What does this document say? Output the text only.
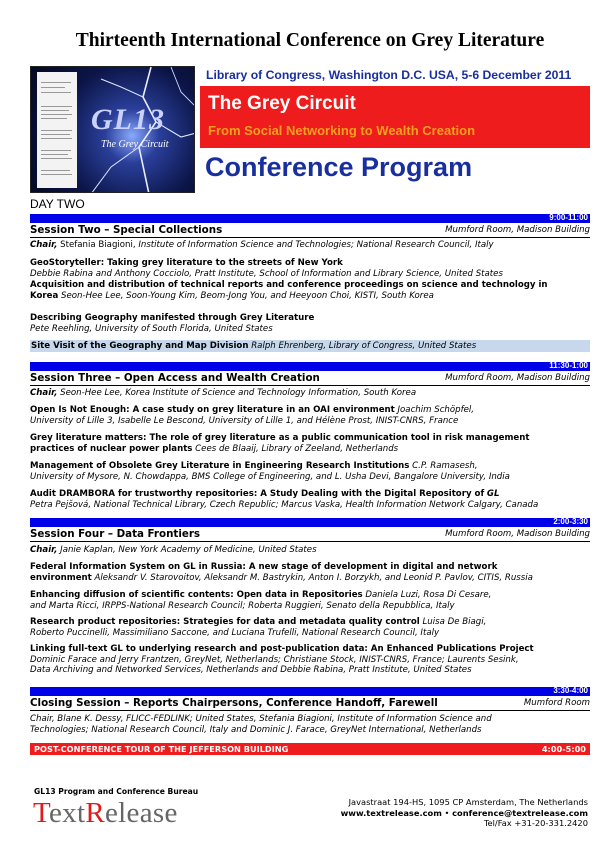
Thirteenth International Conference on Grey Literature
GL13
The Grey Circuit
Library of Congress, Washington D.C. USA, 5-6 December 2011
The Grey Circuit
From Social Networking to Wealth Creation
Conference Program
DAY TWO
9:00-11:00
Session Two – Special Collections	Mumford Room, Madison Building
Chair, Stefania Biagioni, Institute of Information Science and Technologies; National Research Council, Italy
GeoStoryteller: Taking grey literature to the streets of New York
Debbie Rabina and Anthony Cocciolo, Pratt Institute, School of Information and Library Science, United States
Acquisition and distribution of technical reports and conference proceedings on science and technology in
Korea Seon-Hee Lee, Soon-Young Kim, Beom-Jong You, and Heeyoon Choi, KISTI, South Korea
Describing Geography manifested through Grey Literature
Pete Reehling, University of South Florida, United States
Site Visit of the Geography and Map Division Ralph Ehrenberg, Library of Congress, United States
11:30-1:00
Session Three – Open Access and Wealth Creation	Mumford Room, Madison Building
Chair, Seon-Hee Lee, Korea Institute of Science and Technology Information, South Korea
Open Is Not Enough: A case study on grey literature in an OAI environment Joachim Schöpfel,
University of Lille 3, Isabelle Le Bescond, University of Lille 1, and Hélène Prost, INIST-CNRS, France
Grey literature matters: The role of grey literature as a public communication tool in risk management
practices of nuclear power plants Cees de Blaaij, Library of Zeeland, Netherlands
Management of Obsolete Grey Literature in Engineering Research Institutions C.P. Ramasesh,
University of Mysore, N. Chowdappa, BMS College of Engineering, and L. Usha Devi, Bangalore University, India
Audit DRAMBORA for trustworthy repositories: A Study Dealing with the Digital Repository of GL
Petra Pejšová, National Technical Library, Czech Republic; Marcus Vaska, Health Information Network Calgary, Canada
2:00-3:30
Session Four – Data Frontiers	Mumford Room, Madison Building
Chair, Janie Kaplan, New York Academy of Medicine, United States
Federal Information System on GL in Russia: A new stage of development in digital and network
environment Aleksandr V. Starovoitov, Aleksandr M. Bastrykin, Anton I. Borzykh, and Leonid P. Pavlov, CITIS, Russia
Enhancing diffusion of scientific contents: Open data in Repositories Daniela Luzi, Rosa Di Cesare,
and Marta Ricci, IRPPS-National Research Council; Roberta Ruggieri, Senato della Repubblica, Italy
Research product repositories: Strategies for data and metadata quality control Luisa De Biagi,
Roberto Puccinelli, Massimiliano Saccone, and Luciana Trufelli, National Research Council, Italy
Linking full-text GL to underlying research and post-publication data: An Enhanced Publications Project
Dominic Farace and Jerry Frantzen, GreyNet, Netherlands; Christiane Stock, INIST-CNRS, France; Laurents Sesink,
Data Archiving and Networked Services, Netherlands and Debbie Rabina, Pratt Institute, United States
3:30-4:00
Closing Session – Reports Chairpersons, Conference Handoff, Farewell	Mumford Room
Chair, Blane K. Dessy, FLICC-FEDLINK; United States, Stefania Biagioni, Institute of Information Science and
Technologies; National Research Council, Italy and Dominic J. Farace, GreyNet International, Netherlands
POST-CONFERENCE TOUR OF THE JEFFERSON BUILDING	4:00-5:00
GL13 Program and Conference Bureau
TextRelease	Javastraat 194-HS, 1095 CP Amsterdam, The Netherlands
www.textrelease.com • conference@textrelease.com
Tel/Fax +31-20-331.2420
